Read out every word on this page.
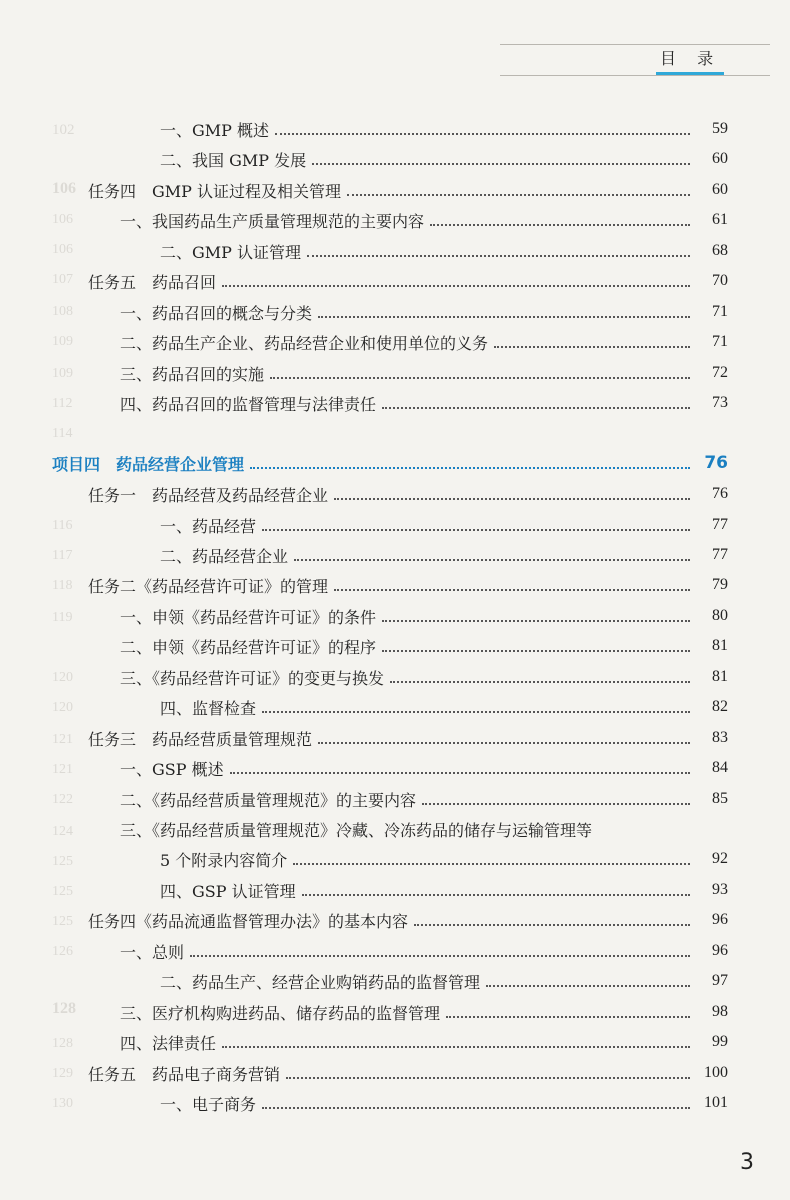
102
106
106
106
107
108
109
109
112
114
116
117
118
119
120
120
121
121
122
124
125
125
125
126
128
128
129
130
目 录
一、GMP 概述	59
二、我国 GMP 发展	60
任务四　GMP 认证过程及相关管理	60
一、我国药品生产质量管理规范的主要内容	61
二、GMP 认证管理	68
任务五　药品召回	70
一、药品召回的概念与分类	71
二、药品生产企业、药品经营企业和使用单位的义务	71
三、药品召回的实施	72
四、药品召回的监督管理与法律责任	73
项目四　药品经营企业管理	76
任务一　药品经营及药品经营企业	76
一、药品经营	77
二、药品经营企业	77
任务二《药品经营许可证》的管理	79
一、申领《药品经营许可证》的条件	80
二、申领《药品经营许可证》的程序	81
三、《药品经营许可证》的变更与换发	81
四、监督检查	82
任务三　药品经营质量管理规范	83
一、GSP 概述	84
二、《药品经营质量管理规范》的主要内容	85
三、《药品经营质量管理规范》冷藏、冷冻药品的储存与运输管理等
5 个附录内容简介	92
四、GSP 认证管理	93
任务四《药品流通监督管理办法》的基本内容	96
一、总则	96
二、药品生产、经营企业购销药品的监督管理	97
三、医疗机构购进药品、储存药品的监督管理	98
四、法律责任	99
任务五　药品电子商务营销	100
一、电子商务	101
3
